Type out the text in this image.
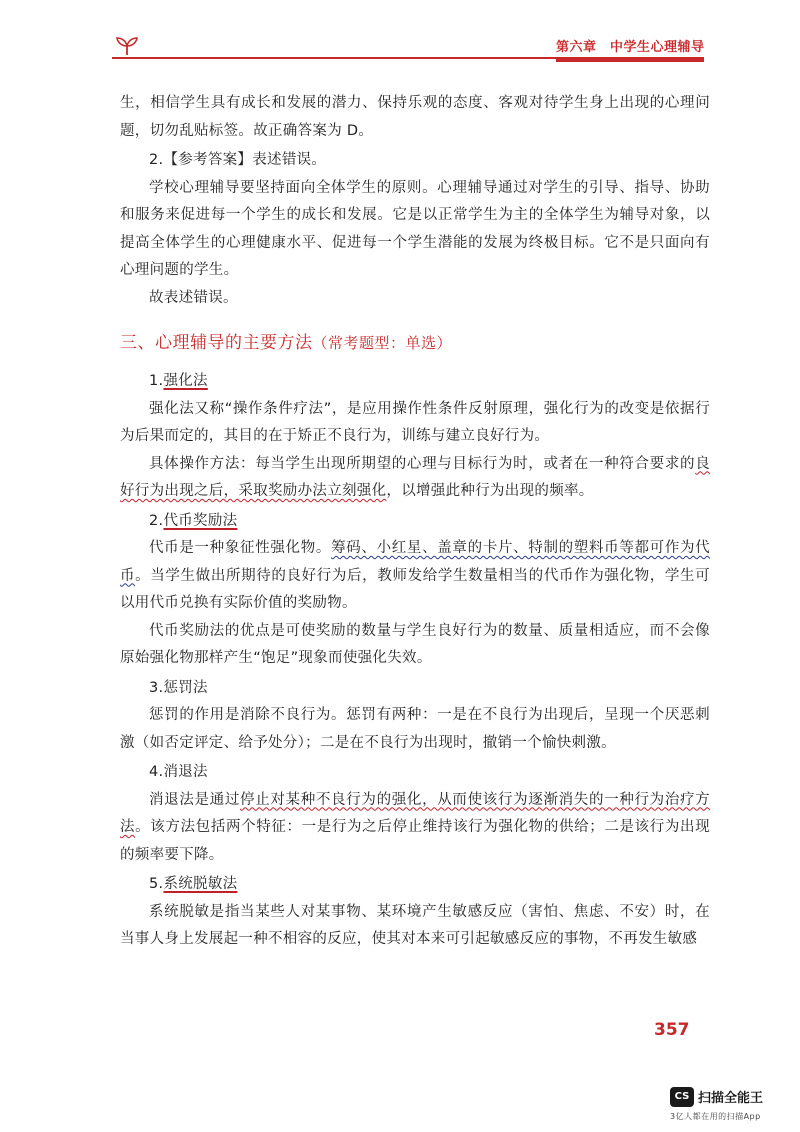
第六章　中学生心理辅导

生，相信学生具有成长和发展的潜力、保持乐观的态度、客观对待学生身上出现的心理问题，切勿乱贴标签。故正确答案为 D。

2.【参考答案】表述错误。

学校心理辅导要坚持面向全体学生的原则。心理辅导通过对学生的引导、指导、协助和服务来促进每一个学生的成长和发展。它是以正常学生为主的全体学生为辅导对象，以提高全体学生的心理健康水平、促进每一个学生潜能的发展为终极目标。它不是只面向有心理问题的学生。

故表述错误。

三、心理辅导的主要方法（常考题型：单选）

1.强化法

强化法又称“操作条件疗法”，是应用操作性条件反射原理，强化行为的改变是依据行为后果而定的，其目的在于矫正不良行为，训练与建立良好行为。

具体操作方法：每当学生出现所期望的心理与目标行为时，或者在一种符合要求的良好行为出现之后，采取奖励办法立刻强化，以增强此种行为出现的频率。

2.代币奖励法

代币是一种象征性强化物。筹码、小红星、盖章的卡片、特制的塑料币等都可作为代币。当学生做出所期待的良好行为后，教师发给学生数量相当的代币作为强化物，学生可以用代币兑换有实际价值的奖励物。

代币奖励法的优点是可使奖励的数量与学生良好行为的数量、质量相适应，而不会像原始强化物那样产生“饱足”现象而使强化失效。

3.惩罚法

惩罚的作用是消除不良行为。惩罚有两种：一是在不良行为出现后，呈现一个厌恶刺激（如否定评定、给予处分）；二是在不良行为出现时，撤销一个愉快刺激。

4.消退法

消退法是通过停止对某种不良行为的强化，从而使该行为逐渐消失的一种行为治疗方法。该方法包括两个特征：一是行为之后停止维持该行为强化物的供给；二是该行为出现的频率要下降。

5.系统脱敏法

系统脱敏是指当某些人对某事物、某环境产生敏感反应（害怕、焦虑、不安）时，在当事人身上发展起一种不相容的反应，使其对本来可引起敏感反应的事物，不再发生敏感

357
CS 扫描全能王
3亿人都在用的扫描App
